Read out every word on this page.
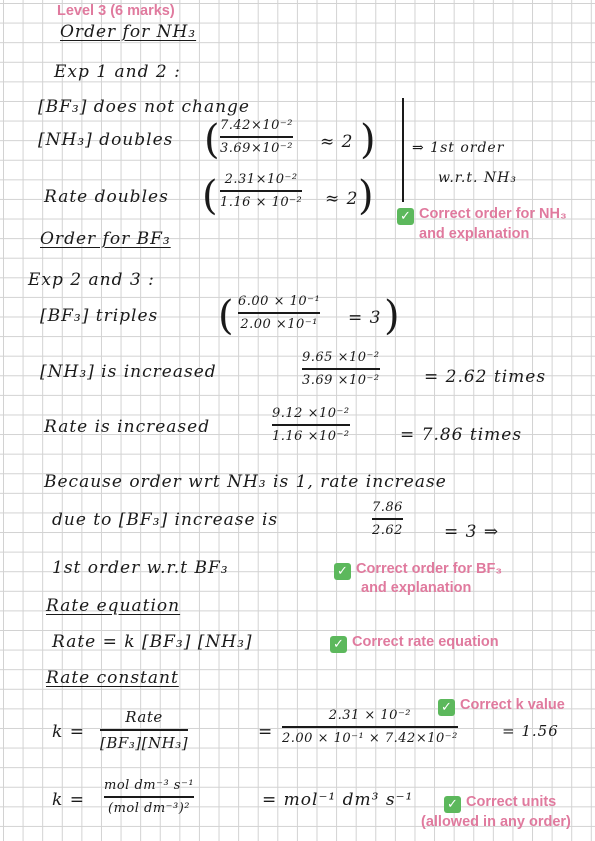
Level 3 (6 marks)

Order for NH₃

Exp 1 and 2 :

[BF₃] does not change

[NH₃] doubles ( 7.42×10⁻²
3.69×10⁻² ≈ 2 )

Rate doubles ( 2.31×10⁻²
1.16 × 10⁻² ≈ 2 )

⇒ 1st order

w.r.t. NH₃

✓ Correct order for NH₃

and explanation

Order for BF₃

Exp 2 and 3 :

[BF₃] triples ( 6.00 × 10⁻¹
2.00 ×10⁻¹ = 3 )

[NH₃] is increased

9.65 ×10⁻²
3.69 ×10⁻²	= 2.62 times

Rate is increased

9.12 ×10⁻²
1.16 ×10⁻²	= 7.86 times

Because order wrt NH₃ is 1, rate increase

due to [BF₃] increase is

7.86
2.62 = 3 ⇒

1st order w.r.t BF₃	✓ Correct order for BF₃

and explanation

Rate equation

Rate = k [BF₃] [NH₃]	✓ Correct rate equation

Rate constant

✓ Correct k value

k =

Rate
[BF₃][NH₃]

=

2.31 × 10⁻²
2.00 × 10⁻¹ × 7.42×10⁻²	= 1.56

k =

mol dm⁻³ s⁻¹
(mol dm⁻³)²	= mol⁻¹ dm³ s⁻¹	✓ Correct units

(allowed in any order)
